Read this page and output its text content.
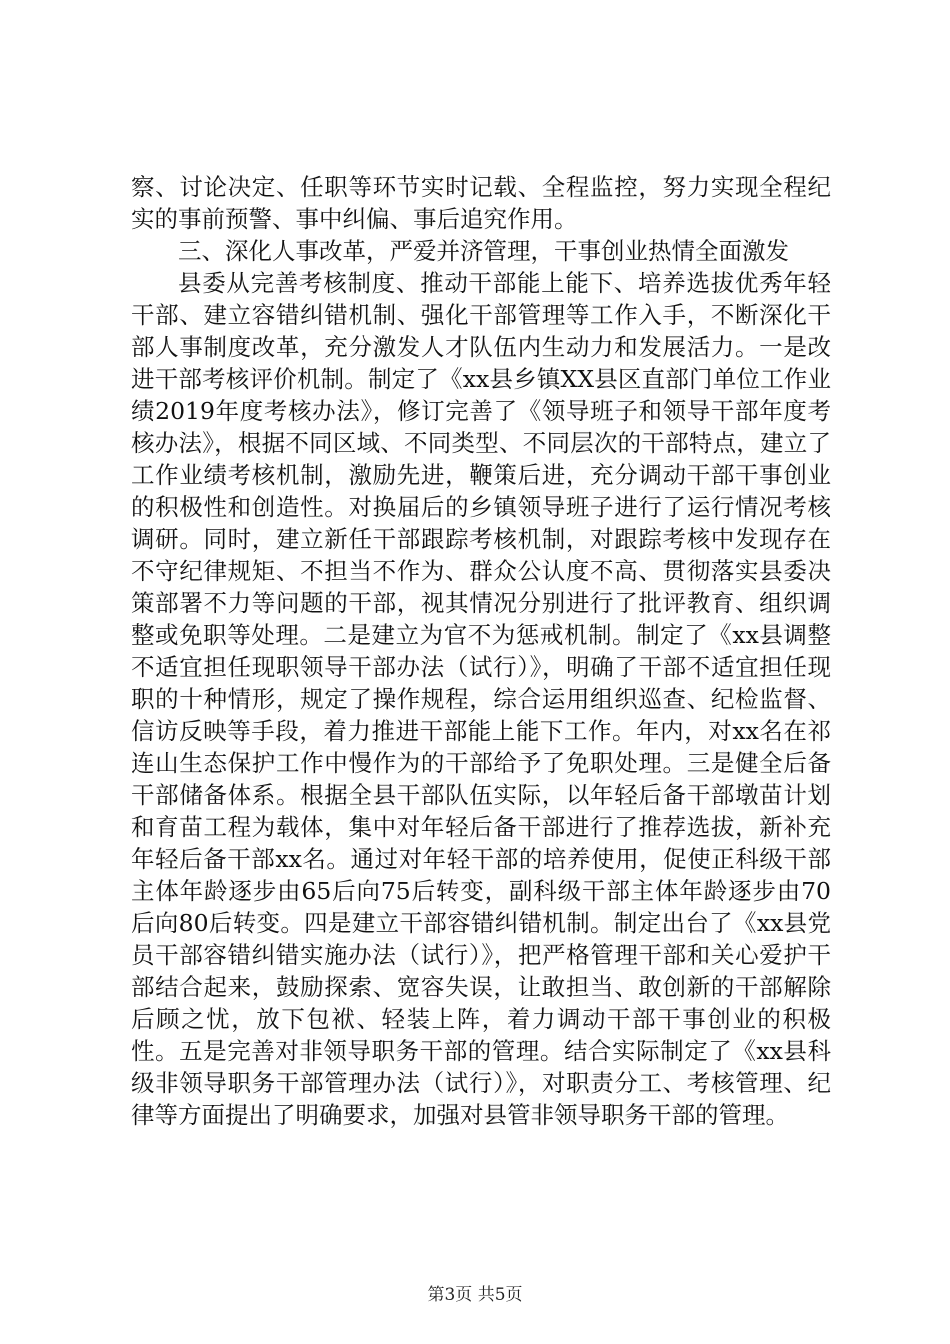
察、讨论决定、任职等环节实时记载、全程监控，努力实现全程纪实的事前预警、事中纠偏、事后追究作用。

三、深化人事改革，严爱并济管理，干事创业热情全面激发

县委从完善考核制度、推动干部能上能下、培养选拔优秀年轻干部、建立容错纠错机制、强化干部管理等工作入手，不断深化干部人事制度改革，充分激发人才队伍内生动力和发展活力。一是改进干部考核评价机制。制定了《xx县乡镇XX县区直部门单位工作业绩2019年度考核办法》，修订完善了《领导班子和领导干部年度考核办法》，根据不同区域、不同类型、不同层次的干部特点，建立了工作业绩考核机制，激励先进，鞭策后进，充分调动干部干事创业的积极性和创造性。对换届后的乡镇领导班子进行了运行情况考核调研。同时，建立新任干部跟踪考核机制，对跟踪考核中发现存在不守纪律规矩、不担当不作为、群众公认度不高、贯彻落实县委决策部署不力等问题的干部，视其情况分别进行了批评教育、组织调整或免职等处理。二是建立为官不为惩戒机制。制定了《xx县调整不适宜担任现职领导干部办法（试行）》，明确了干部不适宜担任现职的十种情形，规定了操作规程，综合运用组织巡查、纪检监督、信访反映等手段，着力推进干部能上能下工作。年内，对xx名在祁连山生态保护工作中慢作为的干部给予了免职处理。三是健全后备干部储备体系。根据全县干部队伍实际，以年轻后备干部墩苗计划和育苗工程为载体，集中对年轻后备干部进行了推荐选拔，新补充年轻后备干部xx名。通过对年轻干部的培养使用，促使正科级干部主体年龄逐步由65后向75后转变，副科级干部主体年龄逐步由70后向80后转变。四是建立干部容错纠错机制。制定出台了《xx县党员干部容错纠错实施办法（试行）》，把严格管理干部和关心爱护干部结合起来，鼓励探索、宽容失误，让敢担当、敢创新的干部解除后顾之忧，放下包袱、轻装上阵，着力调动干部干事创业的积极性。五是完善对非领导职务干部的管理。结合实际制定了《xx县科级非领导职务干部管理办法（试行）》，对职责分工、考核管理、纪律等方面提出了明确要求，加强对县管非领导职务干部的管理。

第3页 共5页
